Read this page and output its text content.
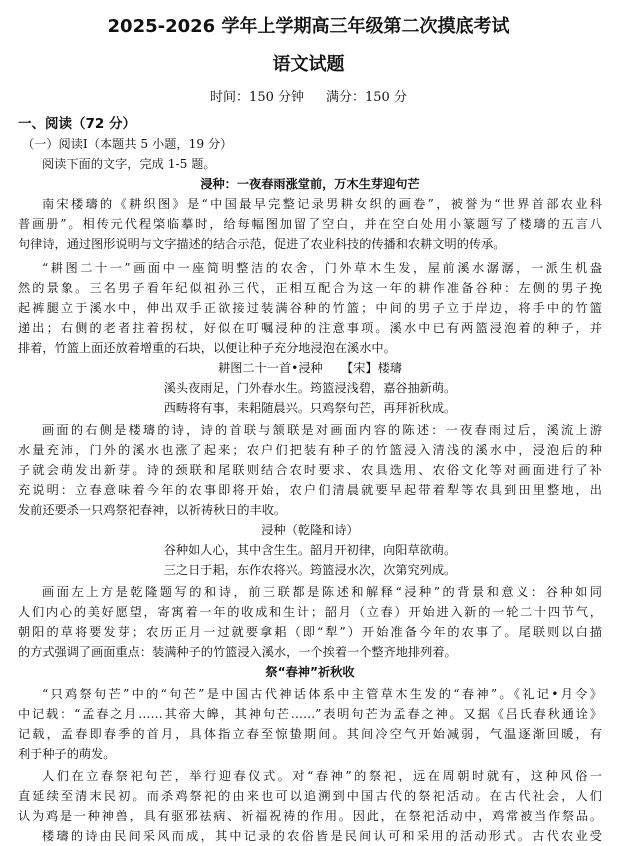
2025-2026 学年上学期高三年级第二次摸底考试
语文试题
时间：150 分钟 满分：150 分
一、阅读（72 分）
（一）阅读Ⅰ（本题共 5 小题，19 分）
阅读下面的文字，完成 1-5 题。
浸种：一夜春雨涨堂前，万木生芽迎句芒
南宋楼璹的《耕织图》是“中国最早完整记录男耕女织的画卷”，被誉为“世界首部农业科
普画册”。相传元代程棨临摹时，给每幅图加留了空白，并在空白处用小篆题写了楼璹的五言八
句律诗，通过图形说明与文字描述的结合示范，促进了农业科技的传播和农耕文明的传承。
“耕图二十一”画面中一座简明整洁的农舍，门外草木生发，屋前溪水潺潺，一派生机盎
然的景象。三名男子看年纪似祖孙三代，正相互配合为这一年的耕作准备谷种：左侧的男子挽
起裤腿立于溪水中，伸出双手正欲接过装满谷种的竹篮；中间的男子立于岸边，将手中的竹篮
递出；右侧的老者拄着拐杖，好似在叮嘱浸种的注意事项。溪水中已有两篮浸泡着的种子，并
排着，竹篮上面还放着增重的石块，以便让种子充分地浸泡在溪水中。
耕图二十一首•浸种　　【宋】楼璹
溪头夜雨足，门外春水生。筠篮浸浅碧，嘉谷抽新萌。
西畴将有事，耒耜随晨兴。只鸡祭句芒，再拜祈秋成。
画面的右侧是楼璹的诗，诗的首联与颔联是对画面内容的陈述：一夜春雨过后，溪流上游
水量充沛，门外的溪水也涨了起来；农户们把装有种子的竹篮浸入清浅的溪水中，浸泡后的种
子就会萌发出新芽。诗的颈联和尾联则结合农时要求、农具选用、农俗文化等对画面进行了补
充说明：立春意味着今年的农事即将开始，农户们清晨就要早起带着犁等农具到田里整地，出
发前还要杀一只鸡祭祀春神，以祈祷秋日的丰收。
浸种（乾隆和诗）
谷种如人心，其中含生生。韶月开初律，向阳草欲萌。
三之日于耜，东作农将兴。筠篮浸水次，次第究列成。
画面左上方是乾隆题写的和诗，前三联都是陈述和解释“浸种”的背景和意义：谷种如同
人们内心的美好愿望，寄寓着一年的收成和生计；韶月（立春）开始进入新的一轮二十四节气，
朝阳的草将要发芽；农历正月一过就要拿耜（即“犁”）开始准备今年的农事了。尾联则以白描
的方式强调了画面重点：装满种子的竹篮浸入溪水，一个挨着一个整齐地排列着。
祭“春神”祈秋收
“只鸡祭句芒”中的“句芒”是中国古代神话体系中主管草木生发的“春神”。《礼记•月令》
中记载：“孟春之月……其帝大皞，其神句芒……”表明句芒为孟春之神。又据《吕氏春秋通诠》
记载，孟春即春季的首月，具体指立春至惊蛰期间。其间冷空气开始减弱，气温逐渐回暖，有
利于种子的萌发。
人们在立春祭祀句芒，举行迎春仪式。对“春神”的祭祀，远在周朝时就有，这种风俗一
直延续至清末民初。而杀鸡祭祀的由来也可以追溯到中国古代的祭祀活动。在古代社会，人们
认为鸡是一种神兽，具有驱邪祛病、祈福祝祷的作用。因此，在祭祀活动中，鸡常被当作祭品。
楼璹的诗由民间采风而成，其中记录的农俗皆是民间认可和采用的活动形式。古代农业受
